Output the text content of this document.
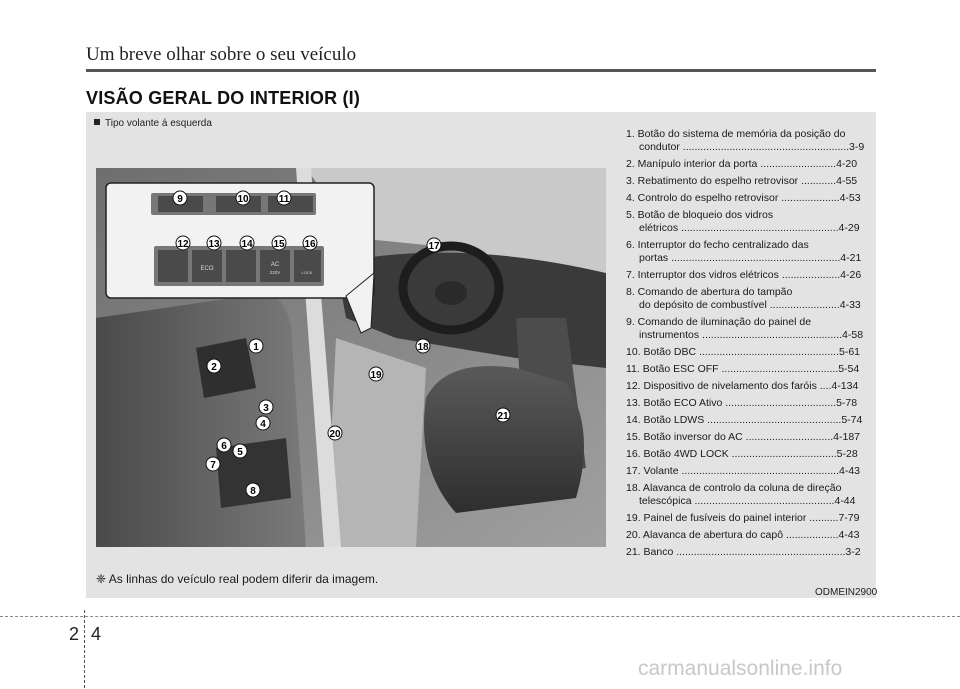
Um breve olhar sobre o seu veículo
VISÃO GERAL DO INTERIOR (I)
Tipo volante á esquerda
ECO
AC
220V	LOCK
9	10	11
12 13 14 15 16	17
1
2
18
19
3
4
21
20
6
5
7
8
1. Botão do sistema de memória da posição do
condutor .........................................................3-9
2. Manípulo interior da porta ..........................4-20
3. Rebatimento do espelho retrovisor ............4-55
4. Controlo do espelho retrovisor ....................4-53
5. Botão de bloqueio dos vidros
elétricos ......................................................4-29
6. Interruptor do fecho centralizado das
portas ..........................................................4-21
7. Interruptor dos vidros elétricos ....................4-26
8. Comando de abertura do tampão
do depósito de combustível ........................4-33
9. Comando de iluminação do painel de
instrumentos ................................................4-58
10. Botão DBC ................................................5-61
11. Botão ESC OFF ........................................5-54
12. Dispositivo de nivelamento dos faróis ....4-134
13. Botão ECO Ativo ......................................5-78
14. Botão LDWS ..............................................5-74
15. Botão inversor do AC ..............................4-187
16. Botão 4WD LOCK ....................................5-28
17. Volante ......................................................4-43
18. Alavanca de controlo da coluna de direção
telescópica ................................................4-44
19. Painel de fusíveis do painel interior ..........7-79
20. Alavanca de abertura do capô ..................4-43
21. Banco ..........................................................3-2
❈ As linhas do veículo real podem diferir da imagem.
ODMEIN2900
2 4
carmanualsonline.info
